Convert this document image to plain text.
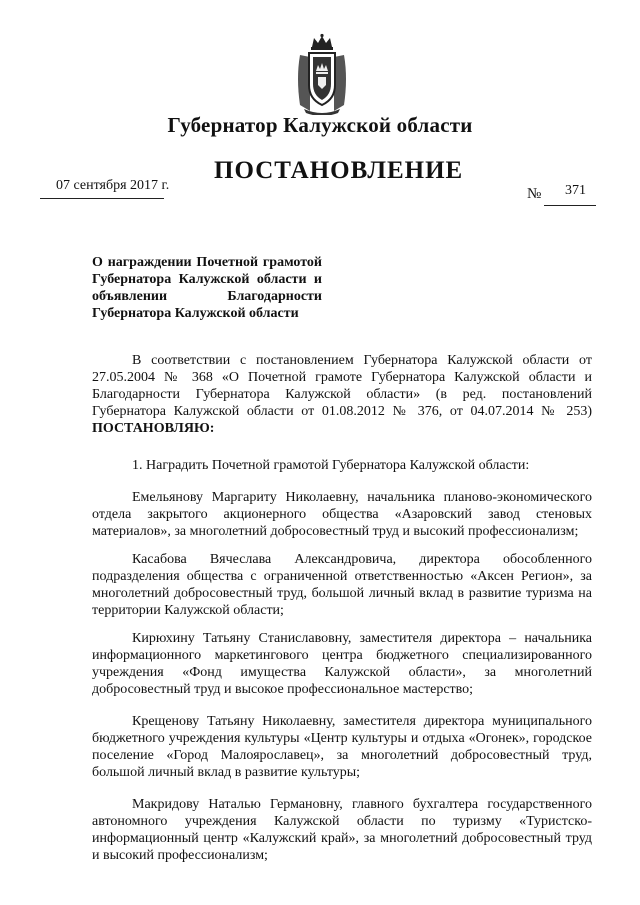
Губернатор Калужской области
ПОСТАНОВЛЕНИЕ
07 сентября 2017 г.
№ 371
О награждении Почетной грамотой Губернатора Калужской области и объявлении Благодарности Губернатора Калужской области
В соответствии с постановлением Губернатора Калужской области от 27.05.2004 № 368 «О Почетной грамоте Губернатора Калужской области и Благодарности Губернатора Калужской области» (в ред. постановлений Губернатора Калужской области от 01.08.2012 № 376, от 04.07.2014 № 253) ПОСТАНОВЛЯЮ:
1. Наградить Почетной грамотой Губернатора Калужской области:
Емельянову Маргариту Николаевну, начальника планово-экономического отдела закрытого акционерного общества «Азаровский завод стеновых материалов», за многолетний добросовестный труд и высокий профессионализм;
Касабова Вячеслава Александровича, директора обособленного подразделения общества с ограниченной ответственностью «Аксен Регион», за многолетний добросовестный труд, большой личный вклад в развитие туризма на территории Калужской области;
Кирюхину Татьяну Станиславовну, заместителя директора – начальника информационного маркетингового центра бюджетного специализированного учреждения «Фонд имущества Калужской области», за многолетний добросовестный труд и высокое профессиональное мастерство;
Крещенову Татьяну Николаевну, заместителя директора муниципального бюджетного учреждения культуры «Центр культуры и отдыха «Огонек», городское поселение «Город Малоярославец», за многолетний добросовестный труд, большой личный вклад в развитие культуры;
Макридову Наталью Германовну, главного бухгалтера государственного автономного учреждения Калужской области по туризму «Туристско-информационный центр «Калужский край», за многолетний добросовестный труд и высокий профессионализм;
